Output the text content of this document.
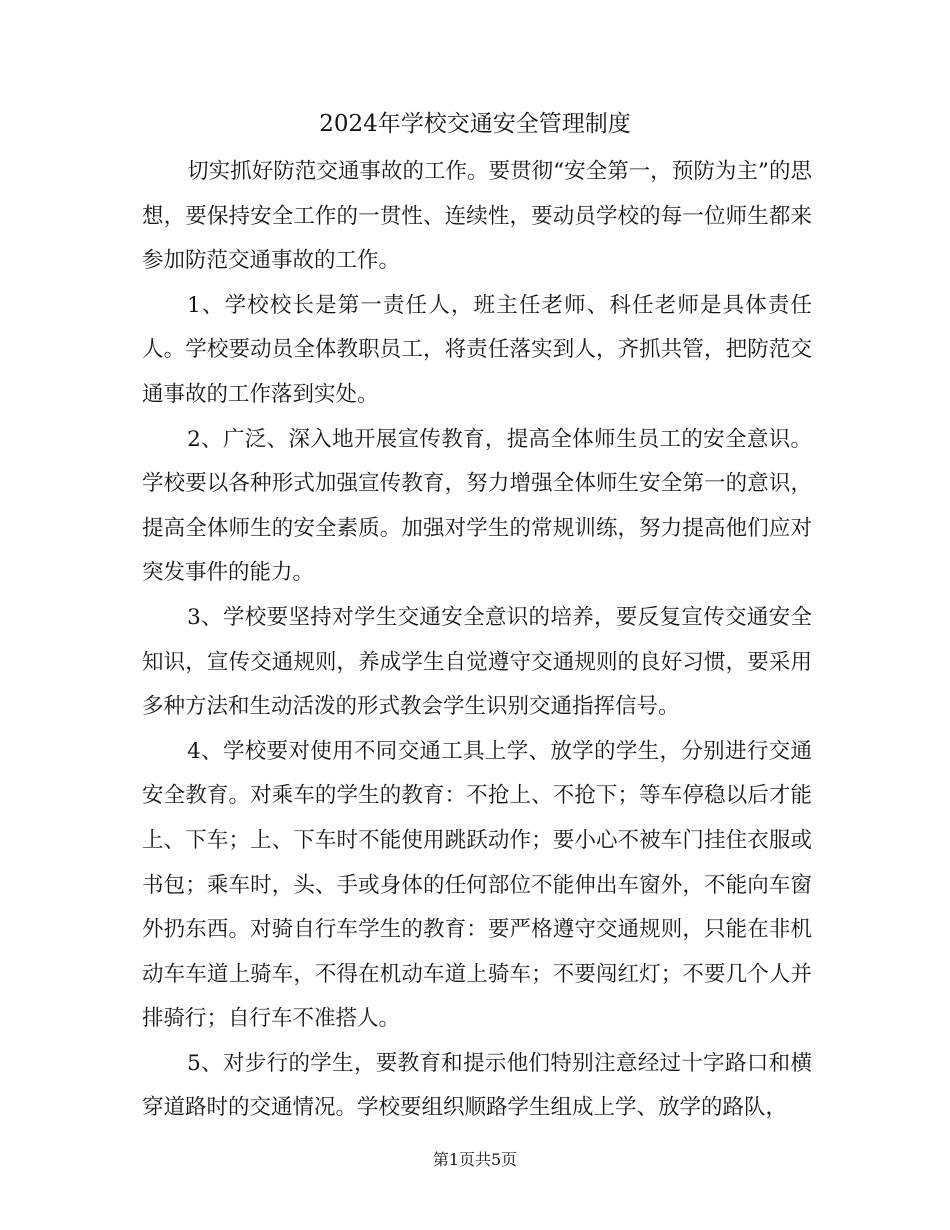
2024年学校交通安全管理制度

切实抓好防范交通事故的工作。要贯彻“安全第一，预防为主”的思想，要保持安全工作的一贯性、连续性，要动员学校的每一位师生都来参加防范交通事故的工作。

1、学校校长是第一责任人，班主任老师、科任老师是具体责任人。学校要动员全体教职员工，将责任落实到人，齐抓共管，把防范交通事故的工作落到实处。

2、广泛、深入地开展宣传教育，提高全体师生员工的安全意识。学校要以各种形式加强宣传教育，努力增强全体师生安全第一的意识，提高全体师生的安全素质。加强对学生的常规训练，努力提高他们应对突发事件的能力。

3、学校要坚持对学生交通安全意识的培养，要反复宣传交通安全知识，宣传交通规则，养成学生自觉遵守交通规则的良好习惯，要采用多种方法和生动活泼的形式教会学生识别交通指挥信号。

4、学校要对使用不同交通工具上学、放学的学生，分别进行交通安全教育。对乘车的学生的教育：不抢上、不抢下；等车停稳以后才能上、下车；上、下车时不能使用跳跃动作；要小心不被车门挂住衣服或书包；乘车时，头、手或身体的任何部位不能伸出车窗外，不能向车窗外扔东西。对骑自行车学生的教育：要严格遵守交通规则，只能在非机动车车道上骑车，不得在机动车道上骑车；不要闯红灯；不要几个人并排骑行；自行车不准搭人。

5、对步行的学生，要教育和提示他们特别注意经过十字路口和横穿道路时的交通情况。学校要组织顺路学生组成上学、放学的路队，

第1页共5页
